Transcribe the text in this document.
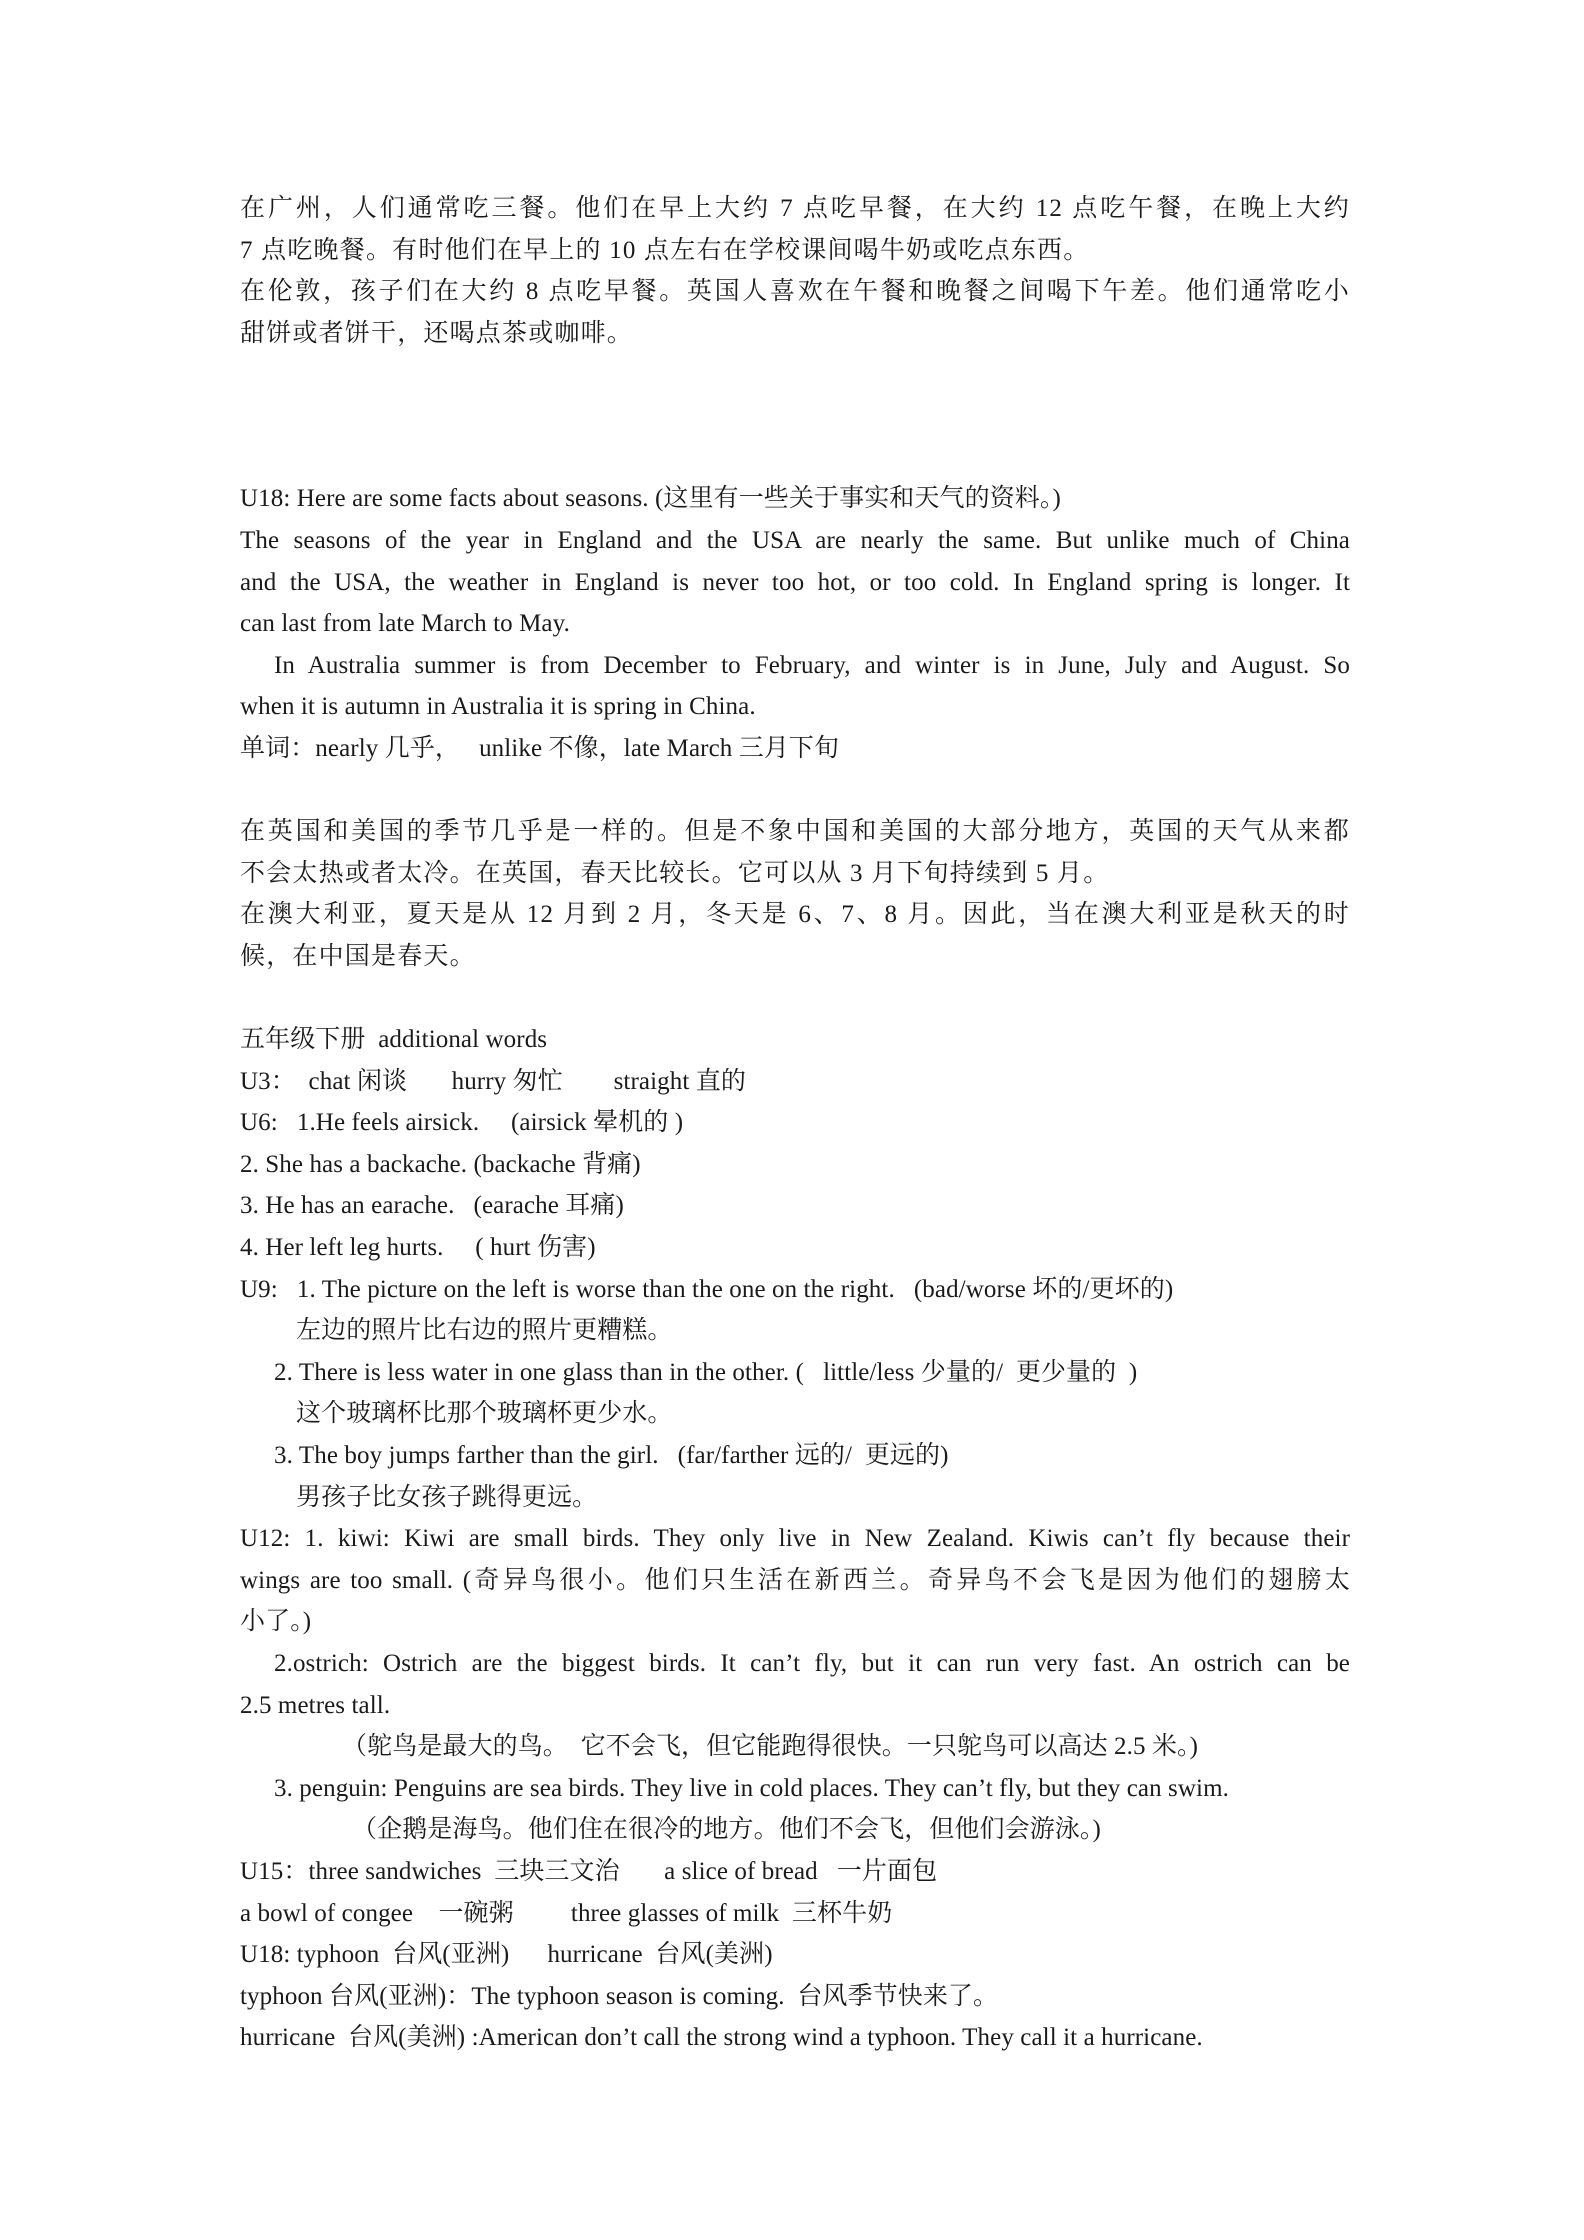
在广州，人们通常吃三餐。他们在早上大约 7 点吃早餐，在大约 12 点吃午餐，在晚上大约

7 点吃晚餐。有时他们在早上的 10 点左右在学校课间喝牛奶或吃点东西。

在伦敦，孩子们在大约 8 点吃早餐。英国人喜欢在午餐和晚餐之间喝下午差。他们通常吃小

甜饼或者饼干，还喝点茶或咖啡。

U18: Here are some facts about seasons. (这里有一些关于事实和天气的资料。)

The seasons of the year in England and the USA are nearly the same. But unlike much of China

and the USA, the weather in England is never too hot, or too cold. In England spring is longer. It

can last from late March to May.

In Australia summer is from December to February, and winter is in June, July and August. So

when it is autumn in Australia it is spring in China.

单词：nearly 几乎，   unlike 不像，late March 三月下旬

在英国和美国的季节几乎是一样的。但是不象中国和美国的大部分地方，英国的天气从来都

不会太热或者太冷。在英国，春天比较长。它可以从 3 月下旬持续到 5 月。

在澳大利亚，夏天是从 12 月到 2 月，冬天是 6、7、8 月。因此，当在澳大利亚是秋天的时

候，在中国是春天。

五年级下册  additional words

U3：  chat 闲谈       hurry 匆忙        straight 直的

U6:   1.He feels airsick.     (airsick 晕机的 )

2. She has a backache. (backache 背痛)

3. He has an earache.   (earache 耳痛)

4. Her left leg hurts.     ( hurt 伤害)

U9:   1. The picture on the left is worse than the one on the right.   (bad/worse 坏的/更坏的)

左边的照片比右边的照片更糟糕。

2. There is less water in one glass than in the other. (   little/less 少量的/  更少量的  )

这个玻璃杯比那个玻璃杯更少水。

3. The boy jumps farther than the girl.   (far/farther 远的/  更远的)

男孩子比女孩子跳得更远。

U12: 1. kiwi: Kiwi are small birds. They only live in New Zealand. Kiwis can’t fly because their

wings are too small. (奇异鸟很小。他们只生活在新西兰。奇异鸟不会飞是因为他们的翅膀太

小了。)

2.ostrich: Ostrich are the biggest birds. It can’t fly, but it can run very fast. An ostrich can be

2.5 metres tall.

（鸵鸟是最大的鸟。  它不会飞，但它能跑得很快。一只鸵鸟可以高达 2.5 米。)

3. penguin: Penguins are sea birds. They live in cold places. They can’t fly, but they can swim.

（企鹅是海鸟。他们住在很冷的地方。他们不会飞，但他们会游泳。)

U15：three sandwiches  三块三文治       a slice of bread   一片面包

a bowl of congee    一碗粥         three glasses of milk  三杯牛奶

U18: typhoon  台风(亚洲)      hurricane  台风(美洲)

typhoon 台风(亚洲)：The typhoon season is coming.  台风季节快来了。

hurricane  台风(美洲) :American don’t call the strong wind a typhoon. They call it a hurricane.
